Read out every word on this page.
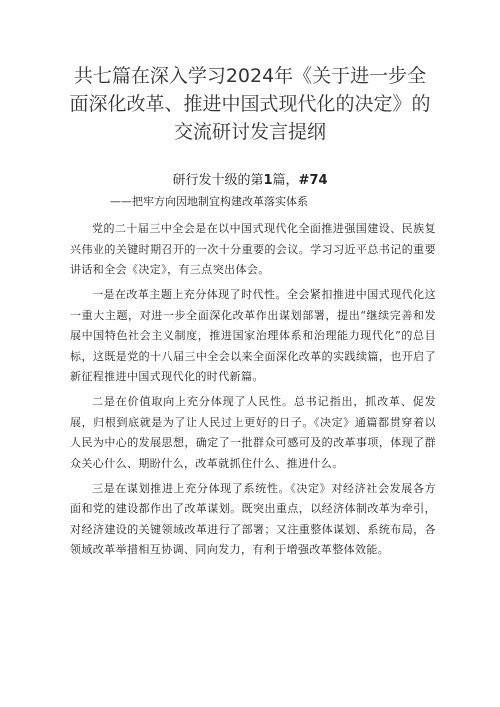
共七篇在深入学习2024年《关于进一步全
面深化改革、推进中国式现代化的决定》的
交流研讨发言提纲
研行发十级的第1篇，#74
——把牢方向因地制宜构建改革落实体系

党的二十届三中全会是在以中国式现代化全面推进强国建设、民族复兴伟业的关键时期召开的一次十分重要的会议。学习习近平总书记的重要讲话和全会《决定》，有三点突出体会。

一是在改革主题上充分体现了时代性。全会紧扣推进中国式现代化这一重大主题，对进一步全面深化改革作出谋划部署，提出“继续完善和发展中国特色社会主义制度，推进国家治理体系和治理能力现代化”的总目标，这既是党的十八届三中全会以来全面深化改革的实践续篇，也开启了新征程推进中国式现代化的时代新篇。

二是在价值取向上充分体现了人民性。总书记指出，抓改革、促发展，归根到底就是为了让人民过上更好的日子。《决定》通篇都贯穿着以人民为中心的发展思想，确定了一批群众可感可及的改革事项，体现了群众关心什么、期盼什么，改革就抓住什么、推进什么。

三是在谋划推进上充分体现了系统性。《决定》对经济社会发展各方面和党的建设都作出了改革谋划。既突出重点，以经济体制改革为牵引，对经济建设的关键领域改革进行了部署；又注重整体谋划、系统布局，各领域改革举措相互协调、同向发力，有利于增强改革整体效能。
